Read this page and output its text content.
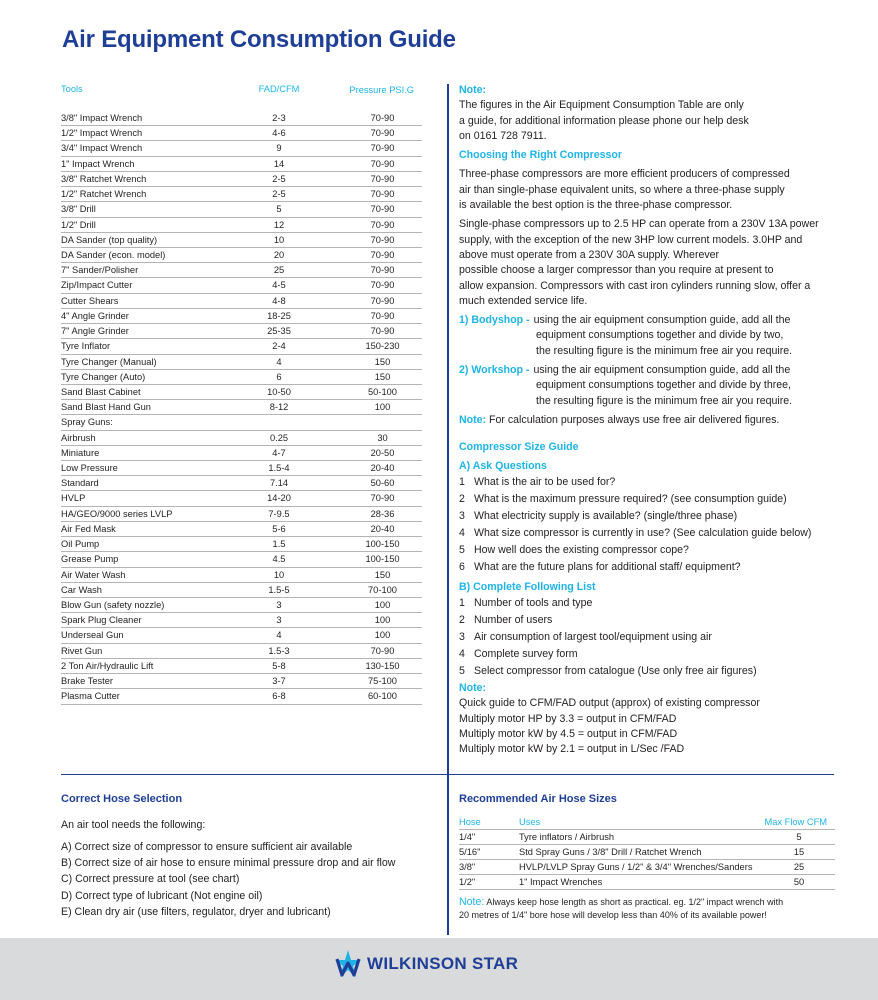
Air Equipment Consumption Guide
Tools	FAD/CFM	Pressure PSI.G
3/8" Impact Wrench	2-3	70-90
1/2" Impact Wrench	4-6	70-90
3/4" Impact Wrench	9	70-90
1" Impact Wrench	14	70-90
3/8" Ratchet Wrench	2-5	70-90
1/2" Ratchet Wrench	2-5	70-90
3/8" Drill	5	70-90
1/2" Drill	12	70-90
DA Sander (top quality)	10	70-90
DA Sander (econ. model)	20	70-90
7" Sander/Polisher	25	70-90
Zip/Impact Cutter	4-5	70-90
Cutter Shears	4-8	70-90
4" Angle Grinder	18-25	70-90
7" Angle Grinder	25-35	70-90
Tyre Inflator	2-4	150-230
Tyre Changer (Manual)	4	150
Tyre Changer (Auto)	6	150
Sand Blast Cabinet	10-50	50-100
Sand Blast Hand Gun	8-12	100
Spray Guns:
Airbrush	0.25	30
Miniature	4-7	20-50
Low Pressure	1.5-4	20-40
Standard	7.14	50-60
HVLP	14-20	70-90
HA/GEO/9000 series LVLP	7-9.5	28-36
Air Fed Mask	5-6	20-40
Oil Pump	1.5	100-150
Grease Pump	4.5	100-150
Air Water Wash	10	150
Car Wash	1.5-5	70-100
Blow Gun (safety nozzle)	3	100
Spark Plug Cleaner	3	100
Underseal Gun	4	100
Rivet Gun	1.5-3	70-90
2 Ton Air/Hydraulic Lift	5-8	130-150
Brake Tester	3-7	75-100
Plasma Cutter	6-8	60-100
Note:
The figures in the Air Equipment Consumption Table are only
a guide, for additional information please phone our help desk
on 0161 728 7911.
Choosing the Right Compressor
Three-phase compressors are more efficient producers of compressed
air than single-phase equivalent units, so where a three-phase supply
is available the best option is the three-phase compressor.
Single-phase compressors up to 2.5 HP can operate from a 230V 13A power
supply, with the exception of the new 3HP low current models. 3.0HP and
above must operate from a 230V 30A supply. Wherever
possible choose a larger compressor than you require at present to
allow expansion. Compressors with cast iron cylinders running slow, offer a
much extended service life.
1) Bodyshop - using the air equipment consumption guide, add all the
equipment consumptions together and divide by two,
the resulting figure is the minimum free air you require.
2) Workshop - using the air equipment consumption guide, add all the
equipment consumptions together and divide by three,
the resulting figure is the minimum free air you require.
Note: For calculation purposes always use free air delivered figures.
Compressor Size Guide
A) Ask Questions
1 What is the air to be used for?
2 What is the maximum pressure required? (see consumption guide)
3 What electricity supply is available? (single/three phase)
4 What size compressor is currently in use? (See calculation guide below)
5 How well does the existing compressor cope?
6 What are the future plans for additional staff/ equipment?
B) Complete Following List
1 Number of tools and type
2 Number of users
3 Air consumption of largest tool/equipment using air
4 Complete survey form
5 Select compressor from catalogue (Use only free air figures)
Note:
Quick guide to CFM/FAD output (approx) of existing compressor
Multiply motor HP by 3.3 = output in CFM/FAD
Multiply motor kW by 4.5 = output in CFM/FAD
Multiply motor kW by 2.1 = output in L/Sec /FAD
Correct Hose Selection
An air tool needs the following:
A) Correct size of compressor to ensure sufficient air available
B) Correct size of air hose to ensure minimal pressure drop and air flow
C) Correct pressure at tool (see chart)
D) Correct type of lubricant (Not engine oil)
E) Clean dry air (use filters, regulator, dryer and lubricant)
Recommended Air Hose Sizes
Hose	Uses	Max Flow CFM
1/4"	Tyre inflators / Airbrush	5
5/16"	Std Spray Guns / 3/8" Drill / Ratchet Wrench	15
3/8"	HVLP/LVLP Spray Guns / 1/2" & 3/4" Wrenches/Sanders	25
1/2"	1" Impact Wrenches	50
Note: Always keep hose length as short as practical. eg. 1/2" impact wrench with
20 metres of 1/4" bore hose will develop less than 40% of its available power!
WILKINSON STAR
